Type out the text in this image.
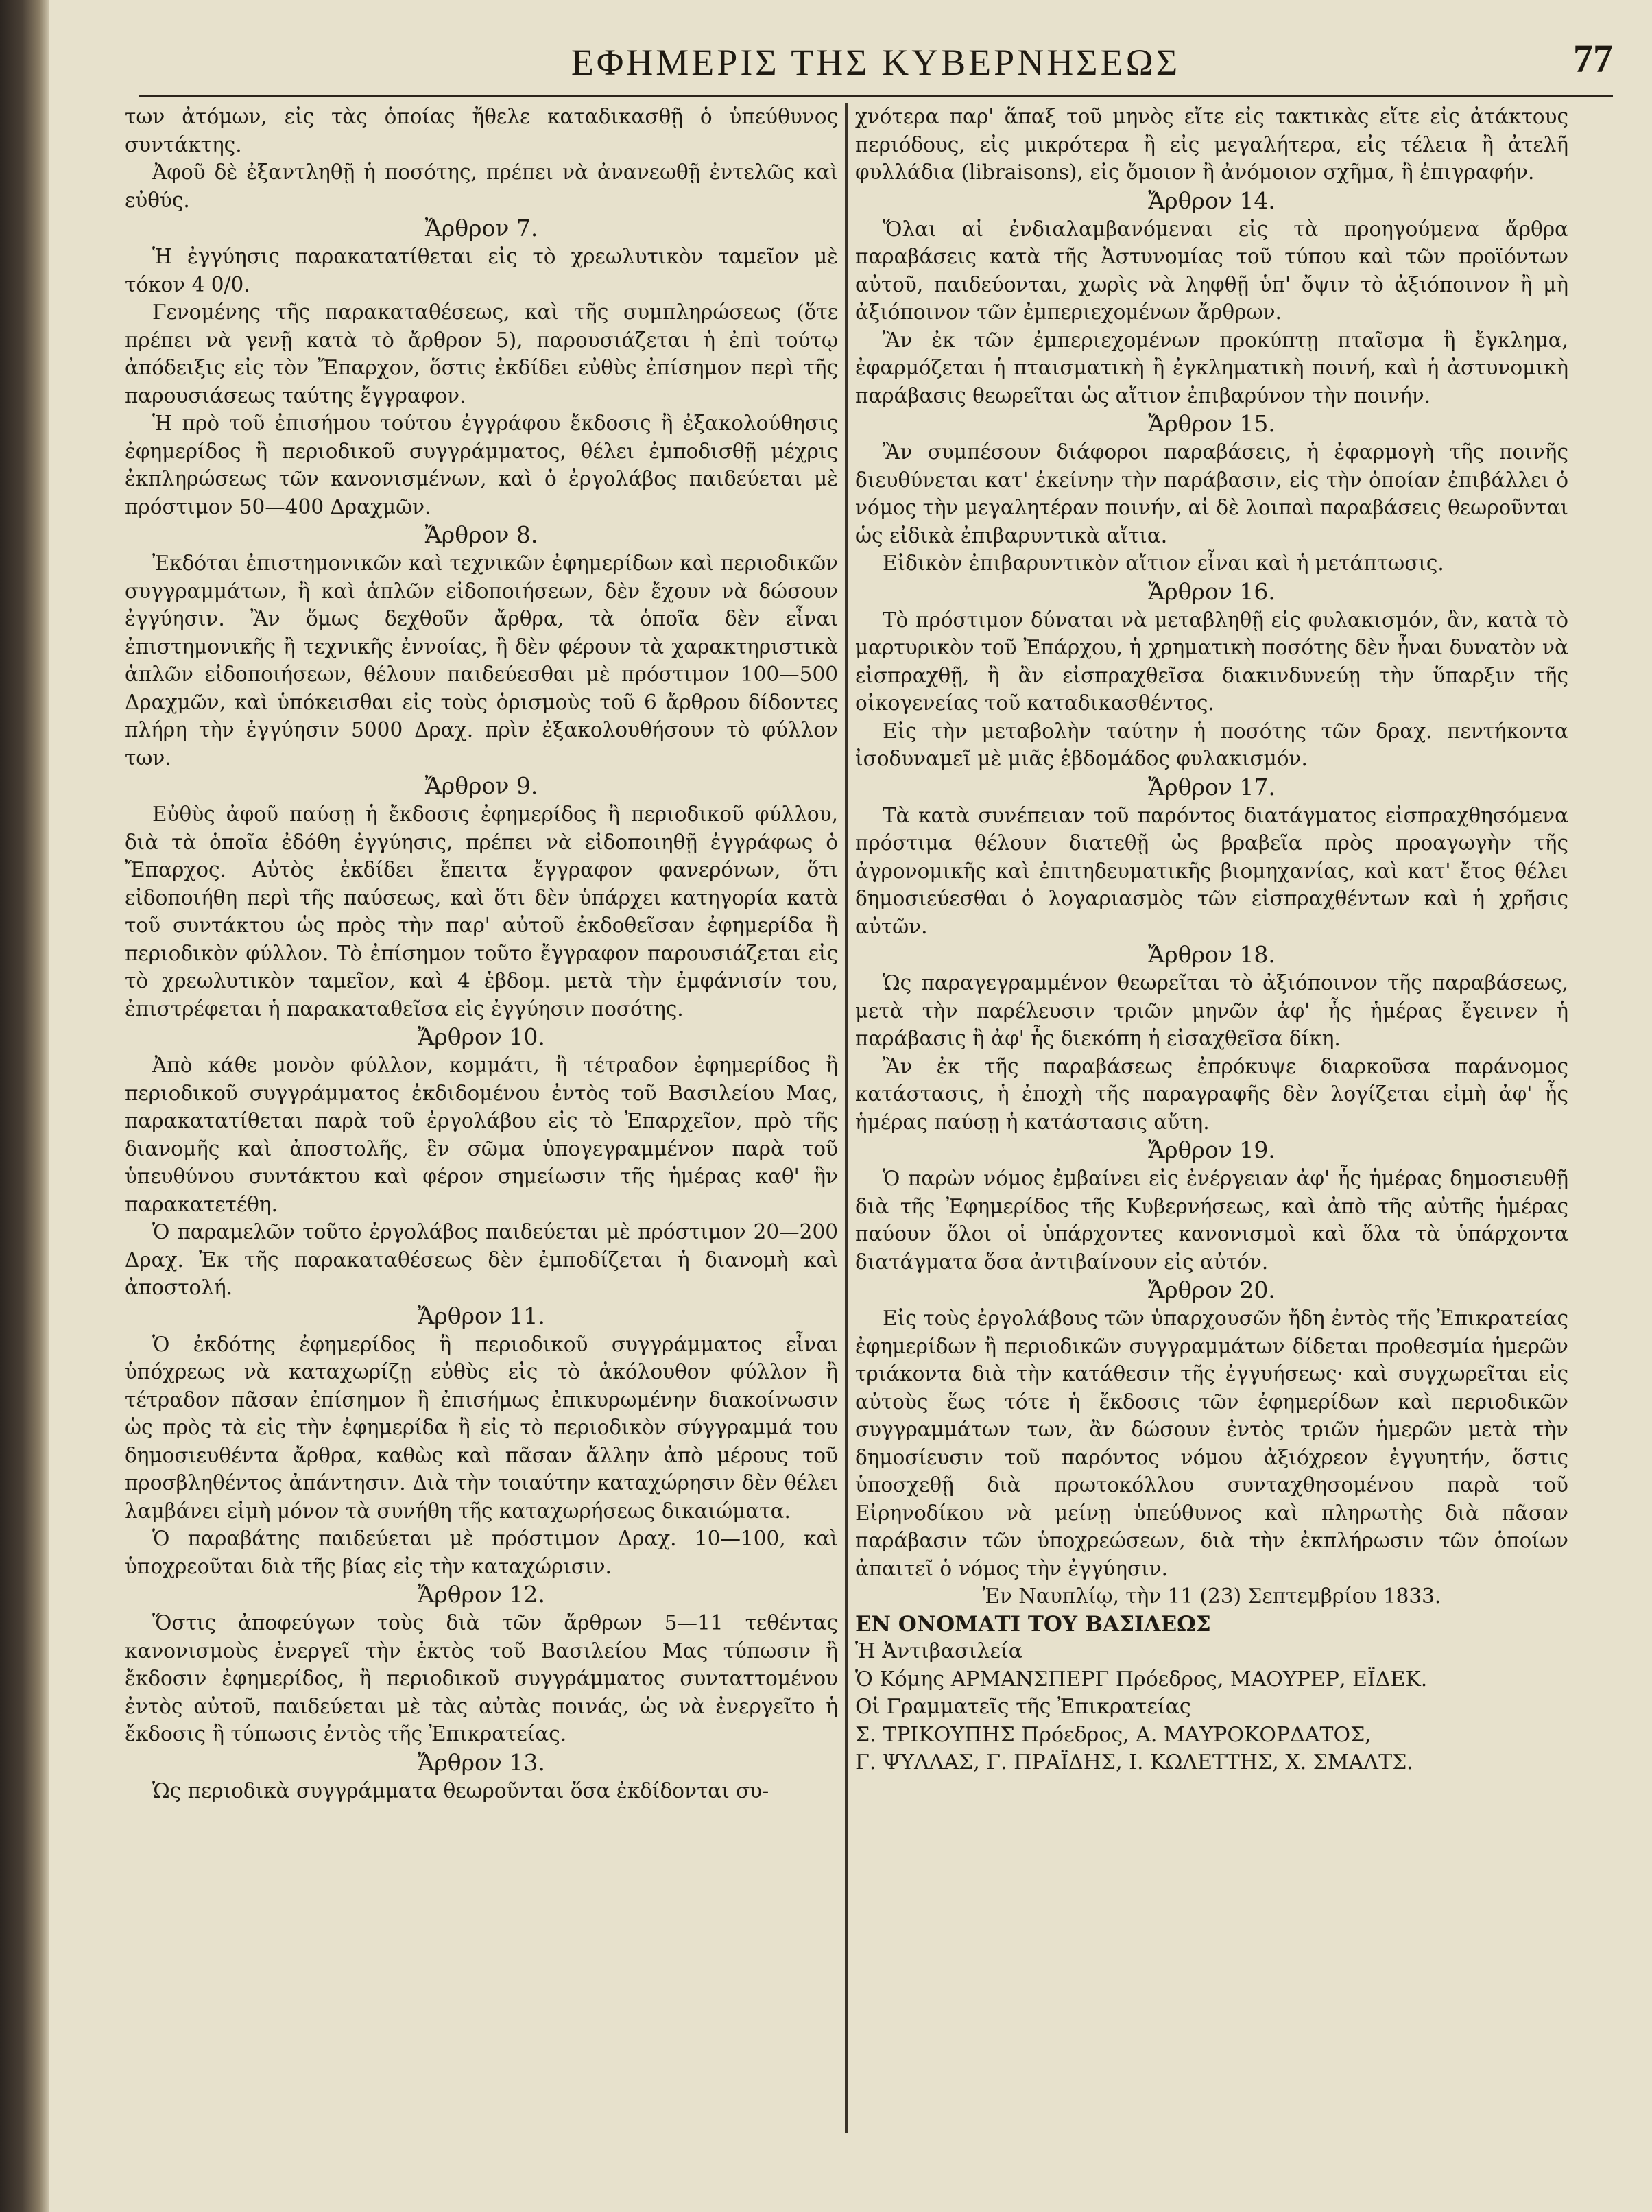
ΕΦΗΜΕΡΙΣ ΤΗΣ ΚΥΒΕΡΝΗΣΕΩΣ	77

των ἀτόμων, εἰς τὰς ὁποίας ἤθελε καταδικασθῇ ὁ ὑπεύθυνος συντάκτης.

Ἀφοῦ δὲ ἐξαντληθῇ ἡ ποσότης, πρέπει νὰ ἀνανεωθῇ ἐντελῶς καὶ εὐθύς.

Ἄρθρον 7.

Ἡ ἐγγύησις παρακατατίθεται εἰς τὸ χρεωλυτικὸν ταμεῖον μὲ τόκον 4 0/0.

Γενομένης τῆς παρακαταθέσεως, καὶ τῆς συμπληρώσεως (ὅτε πρέπει νὰ γενῇ κατὰ τὸ ἄρθρον 5), παρουσιάζεται ἡ ἐπὶ τούτῳ ἀπόδειξις εἰς τὸν Ἔπαρχον, ὅστις ἐκδίδει εὐθὺς ἐπίσημον περὶ τῆς παρουσιάσεως ταύτης ἔγγραφον.

Ἡ πρὸ τοῦ ἐπισήμου τούτου ἐγγράφου ἔκδοσις ἢ ἐξακολούθησις ἐφημερίδος ἢ περιοδικοῦ συγγράμματος, θέλει ἐμποδισθῇ μέχρις ἐκπληρώσεως τῶν κανονισμένων, καὶ ὁ ἐργολάβος παιδεύεται μὲ πρόστιμον 50—400 Δραχμῶν.

Ἄρθρον 8.

Ἐκδόται ἐπιστημονικῶν καὶ τεχνικῶν ἐφημερίδων καὶ περιοδικῶν συγγραμμάτων, ἢ καὶ ἁπλῶν εἰδοποιήσεων, δὲν ἔχουν νὰ δώσουν ἐγγύησιν. Ἂν ὅμως δεχθοῦν ἄρθρα, τὰ ὁποῖα δὲν εἶναι ἐπιστημονικῆς ἢ τεχνικῆς ἐννοίας, ἢ δὲν φέρουν τὰ χαρακτηριστικὰ ἁπλῶν εἰδοποιήσεων, θέλουν παιδεύεσθαι μὲ πρόστιμον 100—500 Δραχμῶν, καὶ ὑπόκεισθαι εἰς τοὺς ὁρισμοὺς τοῦ 6 ἄρθρου δίδοντες πλήρη τὴν ἐγγύησιν 5000 Δραχ. πρὶν ἐξακολουθήσουν τὸ φύλλον των.

Ἄρθρον 9.

Εὐθὺς ἀφοῦ παύσῃ ἡ ἔκδοσις ἐφημερίδος ἢ περιοδικοῦ φύλλου, διὰ τὰ ὁποῖα ἐδόθη ἐγγύησις, πρέπει νὰ εἰδοποιηθῇ ἐγγράφως ὁ Ἔπαρχος. Αὐτὸς ἐκδίδει ἔπειτα ἔγγραφον φανερόνων, ὅτι εἰδοποιήθη περὶ τῆς παύσεως, καὶ ὅτι δὲν ὑπάρχει κατηγορία κατὰ τοῦ συντάκτου ὡς πρὸς τὴν παρ' αὐτοῦ ἐκδοθεῖσαν ἐφημερίδα ἢ περιοδικὸν φύλλον. Τὸ ἐπίσημον τοῦτο ἔγγραφον παρουσιάζεται εἰς τὸ χρεωλυτικὸν ταμεῖον, καὶ 4 ἑβδομ. μετὰ τὴν ἐμφάνισίν του, ἐπιστρέφεται ἡ παρακαταθεῖσα εἰς ἐγγύησιν ποσότης.

Ἄρθρον 10.

Ἀπὸ κάθε μονὸν φύλλον, κομμάτι, ἢ τέτραδον ἐφημερίδος ἢ περιοδικοῦ συγγράμματος ἐκδιδομένου ἐντὸς τοῦ Βασιλείου Μας, παρακατατίθεται παρὰ τοῦ ἐργολάβου εἰς τὸ Ἐπαρχεῖον, πρὸ τῆς διανομῆς καὶ ἀποστολῆς, ἓν σῶμα ὑπογεγραμμένον παρὰ τοῦ ὑπευθύνου συντάκτου καὶ φέρον σημείωσιν τῆς ἡμέρας καθ' ἣν παρακατετέθη.

Ὁ παραμελῶν τοῦτο ἐργολάβος παιδεύεται μὲ πρόστιμον 20—200 Δραχ. Ἐκ τῆς παρακαταθέσεως δὲν ἐμποδίζεται ἡ διανομὴ καὶ ἀποστολή.

Ἄρθρον 11.

Ὁ ἐκδότης ἐφημερίδος ἢ περιοδικοῦ συγγράμματος εἶναι ὑπόχρεως νὰ καταχωρίζῃ εὐθὺς εἰς τὸ ἀκόλουθον φύλλον ἢ τέτραδον πᾶσαν ἐπίσημον ἢ ἐπισήμως ἐπικυρωμένην διακοίνωσιν ὡς πρὸς τὰ εἰς τὴν ἐφημερίδα ἢ εἰς τὸ περιοδικὸν σύγγραμμά του δημοσιευθέντα ἄρθρα, καθὼς καὶ πᾶσαν ἄλλην ἀπὸ μέρους τοῦ προσβληθέντος ἀπάντησιν. Διὰ τὴν τοιαύτην καταχώρησιν δὲν θέλει λαμβάνει εἰμὴ μόνον τὰ συνήθη τῆς καταχωρήσεως δικαιώματα.

Ὁ παραβάτης παιδεύεται μὲ πρόστιμον Δραχ. 10—100, καὶ ὑποχρεοῦται διὰ τῆς βίας εἰς τὴν καταχώρισιν.

Ἄρθρον 12.

Ὅστις ἀποφεύγων τοὺς διὰ τῶν ἄρθρων 5—11 τεθέντας κανονισμοὺς ἐνεργεῖ τὴν ἐκτὸς τοῦ Βασιλείου Μας τύπωσιν ἢ ἔκδοσιν ἐφημερίδος, ἢ περιοδικοῦ συγγράμματος συνταττομένου ἐντὸς αὐτοῦ, παιδεύεται μὲ τὰς αὐτὰς ποινάς, ὡς νὰ ἐνεργεῖτο ἡ ἔκδοσις ἢ τύπωσις ἐντὸς τῆς Ἐπικρατείας.

Ἄρθρον 13.

Ὡς περιοδικὰ συγγράμματα θεωροῦνται ὅσα ἐκδίδονται συ-

χνότερα παρ' ἅπαξ τοῦ μηνὸς εἴτε εἰς τακτικὰς εἴτε εἰς ἀτάκτους περιόδους, εἰς μικρότερα ἢ εἰς μεγαλήτερα, εἰς τέλεια ἢ ἀτελῆ φυλλάδια (libraisons), εἰς ὅμοιον ἢ ἀνόμοιον σχῆμα, ἢ ἐπιγραφήν.

Ἄρθρον 14.

Ὅλαι αἱ ἐνδιαλαμβανόμεναι εἰς τὰ προηγούμενα ἄρθρα παραβάσεις κατὰ τῆς Ἀστυνομίας τοῦ τύπου καὶ τῶν προϊόντων αὐτοῦ, παιδεύονται, χωρὶς νὰ ληφθῇ ὑπ' ὄψιν τὸ ἀξιόποινον ἢ μὴ ἀξιόποινον τῶν ἐμπεριεχομένων ἄρθρων.

Ἂν ἐκ τῶν ἐμπεριεχομένων προκύπτῃ πταῖσμα ἢ ἔγκλημα, ἐφαρμόζεται ἡ πταισματικὴ ἢ ἐγκληματικὴ ποινή, καὶ ἡ ἀστυνομικὴ παράβασις θεωρεῖται ὡς αἴτιον ἐπιβαρύνον τὴν ποινήν.

Ἄρθρον 15.

Ἂν συμπέσουν διάφοροι παραβάσεις, ἡ ἐφαρμογὴ τῆς ποινῆς διευθύνεται κατ' ἐκείνην τὴν παράβασιν, εἰς τὴν ὁποίαν ἐπιβάλλει ὁ νόμος τὴν μεγαλητέραν ποινήν, αἱ δὲ λοιπαὶ παραβάσεις θεωροῦνται ὡς εἰδικὰ ἐπιβαρυντικὰ αἴτια.

Εἰδικὸν ἐπιβαρυντικὸν αἴτιον εἶναι καὶ ἡ μετάπτωσις.

Ἄρθρον 16.

Τὸ πρόστιμον δύναται νὰ μεταβληθῇ εἰς φυλακισμόν, ἂν, κατὰ τὸ μαρτυρικὸν τοῦ Ἐπάρχου, ἡ χρηματικὴ ποσότης δὲν ἦναι δυνατὸν νὰ εἰσπραχθῇ, ἢ ἂν εἰσπραχθεῖσα διακινδυνεύῃ τὴν ὕπαρξιν τῆς οἰκογενείας τοῦ καταδικασθέντος.

Εἰς τὴν μεταβολὴν ταύτην ἡ ποσότης τῶν δραχ. πεντήκοντα ἰσοδυναμεῖ μὲ μιᾶς ἑβδομάδος φυλακισμόν.

Ἄρθρον 17.

Τὰ κατὰ συνέπειαν τοῦ παρόντος διατάγματος εἰσπραχθησόμενα πρόστιμα θέλουν διατεθῇ ὡς βραβεῖα πρὸς προαγωγὴν τῆς ἀγρονομικῆς καὶ ἐπιτηδευματικῆς βιομηχανίας, καὶ κατ' ἔτος θέλει δημοσιεύεσθαι ὁ λογαριασμὸς τῶν εἰσπραχθέντων καὶ ἡ χρῆσις αὐτῶν.

Ἄρθρον 18.

Ὡς παραγεγραμμένον θεωρεῖται τὸ ἀξιόποινον τῆς παραβάσεως, μετὰ τὴν παρέλευσιν τριῶν μηνῶν ἀφ' ἧς ἡμέρας ἔγεινεν ἡ παράβασις ἢ ἀφ' ἧς διεκόπη ἡ εἰσαχθεῖσα δίκη.

Ἂν ἐκ τῆς παραβάσεως ἐπρόκυψε διαρκοῦσα παράνομος κατάστασις, ἡ ἐποχὴ τῆς παραγραφῆς δὲν λογίζεται εἰμὴ ἀφ' ἧς ἡμέρας παύσῃ ἡ κατάστασις αὕτη.

Ἄρθρον 19.

Ὁ παρὼν νόμος ἐμβαίνει εἰς ἐνέργειαν ἀφ' ἧς ἡμέρας δημοσιευθῇ διὰ τῆς Ἐφημερίδος τῆς Κυβερνήσεως, καὶ ἀπὸ τῆς αὐτῆς ἡμέρας παύουν ὅλοι οἱ ὑπάρχοντες κανονισμοὶ καὶ ὅλα τὰ ὑπάρχοντα διατάγματα ὅσα ἀντιβαίνουν εἰς αὐτόν.

Ἄρθρον 20.

Εἰς τοὺς ἐργολάβους τῶν ὑπαρχουσῶν ἤδη ἐντὸς τῆς Ἐπικρατείας ἐφημερίδων ἢ περιοδικῶν συγγραμμάτων δίδεται προθεσμία ἡμερῶν τριάκοντα διὰ τὴν κατάθεσιν τῆς ἐγγυήσεως· καὶ συγχωρεῖται εἰς αὐτοὺς ἕως τότε ἡ ἔκδοσις τῶν ἐφημερίδων καὶ περιοδικῶν συγγραμμάτων των, ἂν δώσουν ἐντὸς τριῶν ἡμερῶν μετὰ τὴν δημοσίευσιν τοῦ παρόντος νόμου ἀξιόχρεον ἐγγυητήν, ὅστις ὑποσχεθῇ διὰ πρωτοκόλλου συνταχθησομένου παρὰ τοῦ Εἰρηνοδίκου νὰ μείνῃ ὑπεύθυνος καὶ πληρωτὴς διὰ πᾶσαν παράβασιν τῶν ὑποχρεώσεων, διὰ τὴν ἐκπλήρωσιν τῶν ὁποίων ἀπαιτεῖ ὁ νόμος τὴν ἐγγύησιν.

Ἐν Ναυπλίῳ, τὴν 11 (23) Σεπτεμβρίου 1833.

ΕΝ ΟΝΟΜΑΤΙ ΤΟΥ ΒΑΣΙΛΕΩΣ

Ἡ Ἀντιβασιλεία

Ὁ Κόμης ΑΡΜΑΝΣΠΕΡΓ Πρόεδρος, ΜΑΟΥΡΕΡ, ΕΪΔΕΚ.

Οἱ Γραμματεῖς τῆς Ἐπικρατείας

Σ. ΤΡΙΚΟΥΠΗΣ Πρόεδρος, Α. ΜΑΥΡΟΚΟΡΔΑΤΟΣ,

Γ. ΨΥΛΛΑΣ, Γ. ΠΡΑΪΔΗΣ, Ι. ΚΩΛΕΤΤΗΣ, Χ. ΣΜΑΛΤΣ.
